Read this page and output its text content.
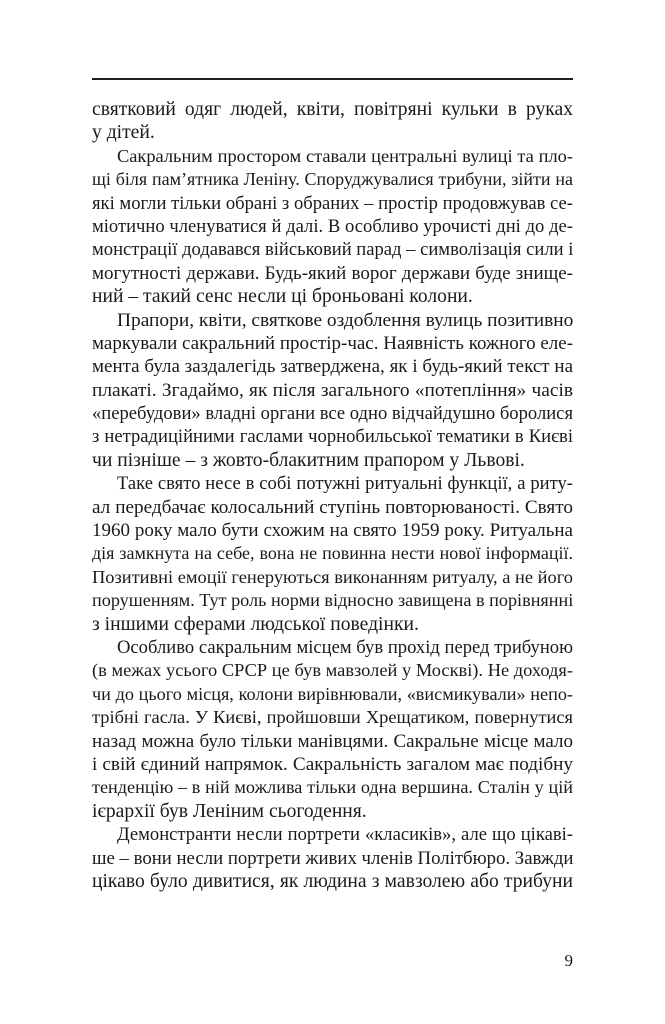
святковий одяг людей, квіти, повітряні кульки в руках
у дітей.
Сакральним простором ставали центральні вулиці та пло-
щі біля пам’ятника Леніну. Споруджувалися трибуни, зійти на
які могли тільки обрані з обраних – простір продовжував се-
міотично членуватися й далі. В особливо урочисті дні до де-
монстрації додавався військовий парад – символізація сили і
могутності держави. Будь-який ворог держави буде знище-
ний – такий сенс несли ці броньовані колони.
Прапори, квіти, святкове оздоблення вулиць позитивно
маркували сакральний простір-час. Наявність кожного еле-
мента була заздалегідь затверджена, як і будь-який текст на
плакаті. Згадаймо, як після загального «потепління» часів
«перебудови» владні органи все одно відчайдушно боролися
з нетрадиційними гаслами чорнобильської тематики в Києві
чи пізніше – з жовто-блакитним прапором у Львові.
Таке свято несе в собі потужні ритуальні функції, а риту-
ал передбачає колосальний ступінь повторюваності. Свято
1960 року мало бути схожим на свято 1959 року. Ритуальна
дія замкнута на себе, вона не повинна нести нової інформації.
Позитивні емоції генеруються виконанням ритуалу, а не його
порушенням. Тут роль норми відносно завищена в порівнянні
з іншими сферами людської поведінки.
Особливо сакральним місцем був прохід перед трибуною
(в межах усього СРСР це був мавзолей у Москві). Не доходя-
чи до цього місця, колони вирівнювали, «висмикували» непо-
трібні гасла. У Києві, пройшовши Хрещатиком, повернутися
назад можна було тільки манівцями. Сакральне місце мало
і свій єдиний напрямок. Сакральність загалом має подібну
тенденцію – в ній можлива тільки одна вершина. Сталін у цій
ієрархії був Леніним сьогодення.
Демонстранти несли портрети «класиків», але що цікаві-
ше – вони несли портрети живих членів Політбюро. Завжди
цікаво було дивитися, як людина з мавзолею або трибуни
9
